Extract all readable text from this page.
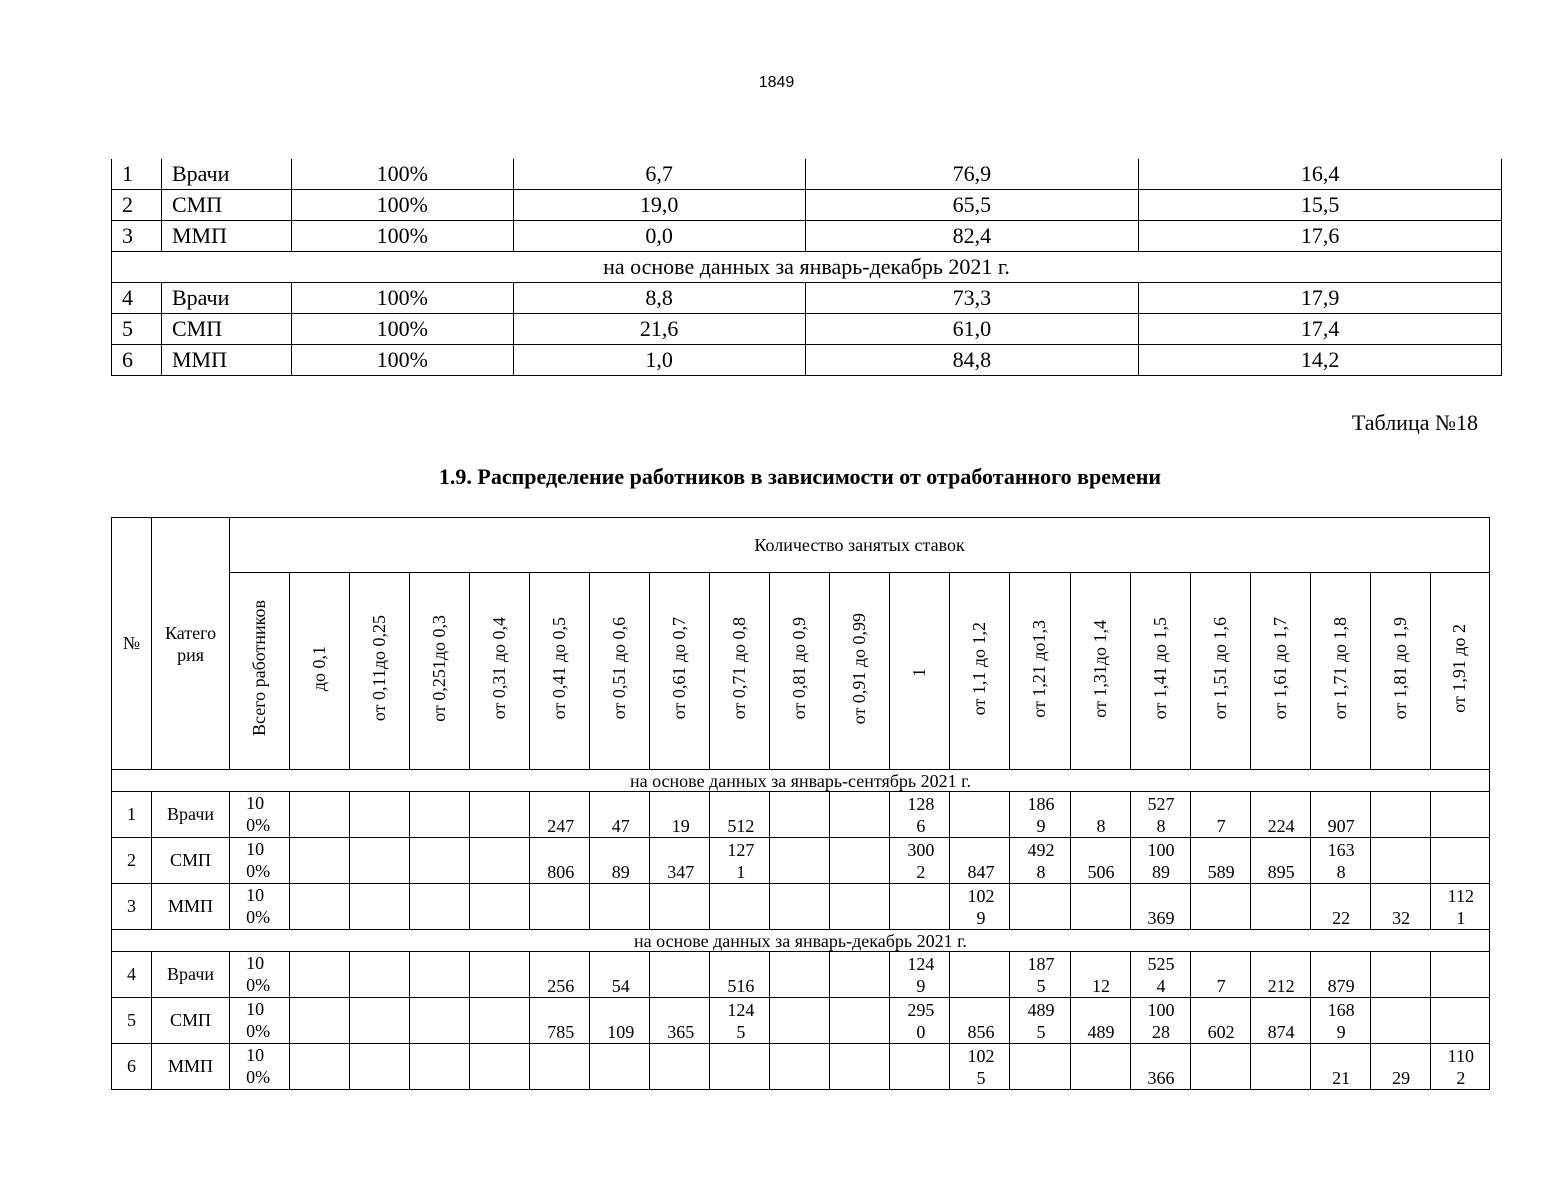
1849
1	Врачи	100%	6,7	76,9	16,4
2	СМП	100%	19,0	65,5	15,5
3	ММП	100%	0,0	82,4	17,6
на основе данных за январь-декабрь 2021 г.					
4	Врачи	100%	8,8	73,3	17,9
5	СМП	100%	21,6	61,0	17,4
6	ММП	100%	1,0	84,8	14,2
Таблица №18
1.9. Распределение работников в зависимости от отработанного времени
№	Катего рия	Количество занятых ставок																				
		Всего работников	до 0,1	от 0,11до 0,25	от 0,251до 0,3	от 0,31 до 0,4	от 0,41 до 0,5	от 0,51 до 0,6	от 0,61 до 0,7	от 0,71 до 0,8	от 0,81 до 0,9	от 0,91 до 0,99	1	от 1,1 до 1,2	от 1,21 до1,3	от 1,31до 1,4	от 1,41 до 1,5	от 1,51 до 1,6	от 1,61 до 1,7	от 1,71 до 1,8	от 1,81 до 1,9	от 1,91 до 2
на основе данных за январь-сентябрь 2021 г.																						
1	Врачи	100%					247	47	19	512			1286		1869	8	5278	7	224	907		
2	СМП	100%					806	89	347	1271			3002	847	4928	506	10089	589	895	1638		
3	ММП	100%												1029			369			22	32	1121
на основе данных за январь-декабрь 2021 г.																						
4	Врачи	100%					256	54		516			1249		1875	12	5254	7	212	879		
5	СМП	100%					785	109	365	1245			2950	856	4895	489	10028	602	874	1689		
6	ММП	100%												1025			366			21	29	1102
